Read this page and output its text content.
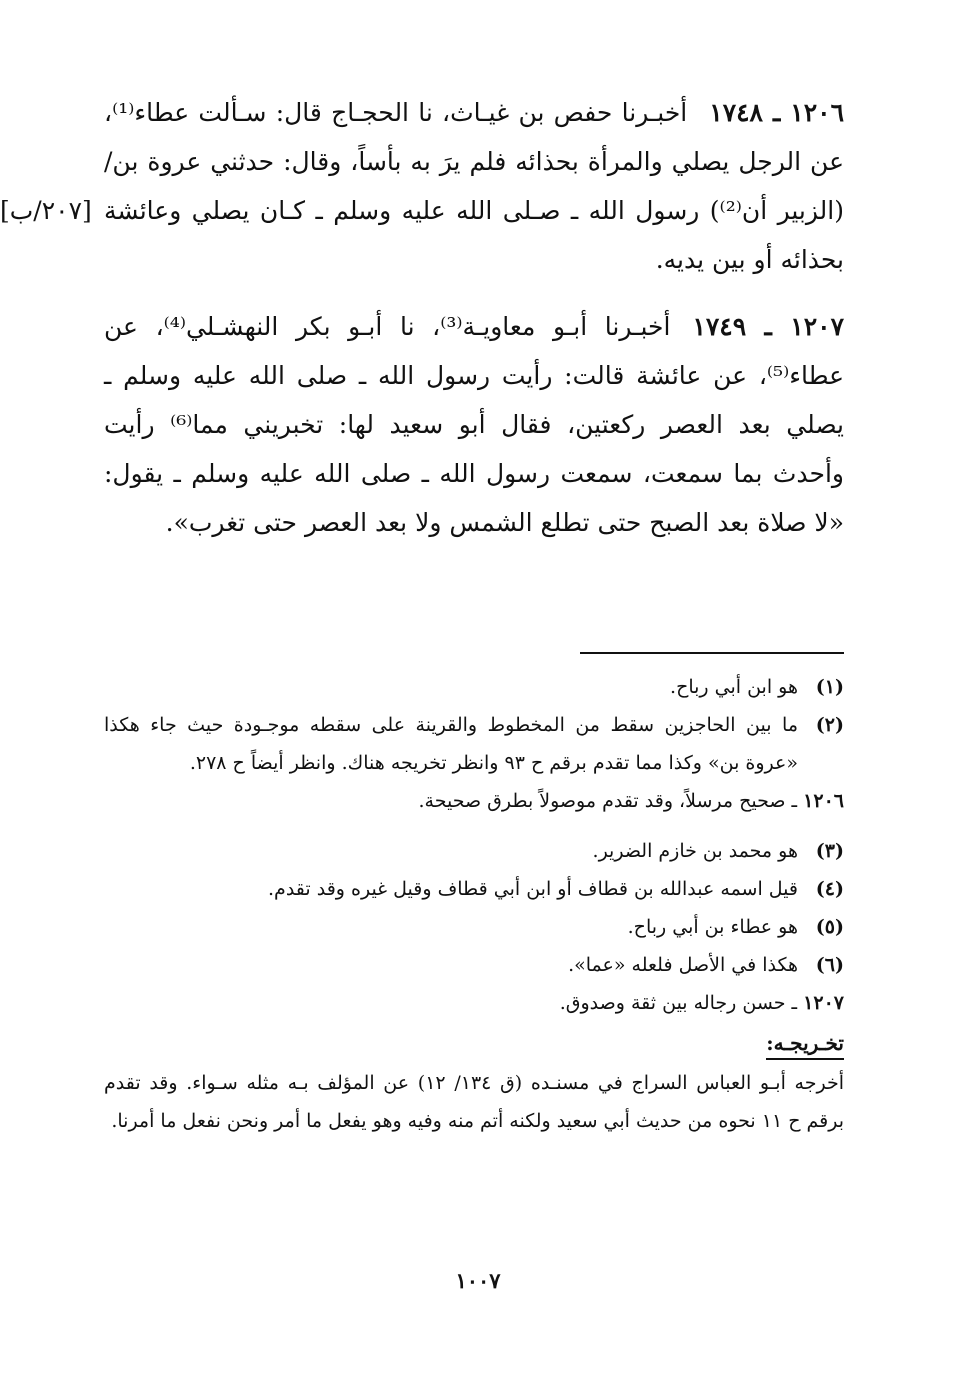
[٢٠٧/ب]
١٢٠٦ ـ ١٧٤٨أخبـرنا حفص بن غيـاث، نا الحجـاج قال: سـألت عطاء⁽¹⁾، عن الرجل يصلي والمرأة بحذائه فلم يرَ به بأساً، وقال: حدثني عروة بن/ (الزبير أن⁽²⁾) رسول الله ـ صـلى الله عليه وسلم ـ كـان يصلي وعائشة بحذائه أو بين يديه.

١٢٠٧ ـ ١٧٤٩أخبـرنا أبـو معاويـة⁽³⁾، نا أبـو بكر النهشـلي⁽⁴⁾، عن عطاء⁽⁵⁾، عن عائشة قالت: رأيت رسول الله ـ صلى الله عليه وسلم ـ يصلي بعد العصر ركعتين، فقال أبو سعيد لها: تخبريني مما⁽⁶⁾ رأيت وأحدث بما سمعت، سمعت رسول الله ـ صلى الله عليه وسلم ـ يقول: «لا صلاة بعد الصبح حتى تطلع الشمس ولا بعد العصر حتى تغرب».

(١)
هو ابن أبي رباح.
(٢)
ما بين الحاجزين سقط من المخطوط والقرينة على سقطه موجـودة حيث جاء هكذا «عروة بن» وكذا مما تقدم برقم ح ٩٣ وانظر تخريجه هناك. وانظر أيضاً ح ٢٧٨.
١٢٠٦ ـ صحيح مرسلاً، وقد تقدم موصولاً بطرق صحيحة.
(٣)
هو محمد بن خازم الضرير.
(٤)
قيل اسمه عبدالله بن قطاف أو ابن أبي قطاف وقيل غيره وقد تقدم.
(٥)
هو عطاء بن أبي رباح.
(٦)
هكذا في الأصل فلعله «عما».
١٢٠٧ ـ حسن رجاله بين ثقة وصدوق.
تخـريجـه:
أخرجه أبـو العباس السراج في مسنـده (ق ١٣٤/ ١٢) عن المؤلف بـه مثله سـواء. وقد تقدم برقم ح ١١ نحوه من حديث أبي سعيد ولكنه أتم منه وفيه وهو يفعل ما أمر ونحن نفعل ما أمرنا.
١٠٠٧
